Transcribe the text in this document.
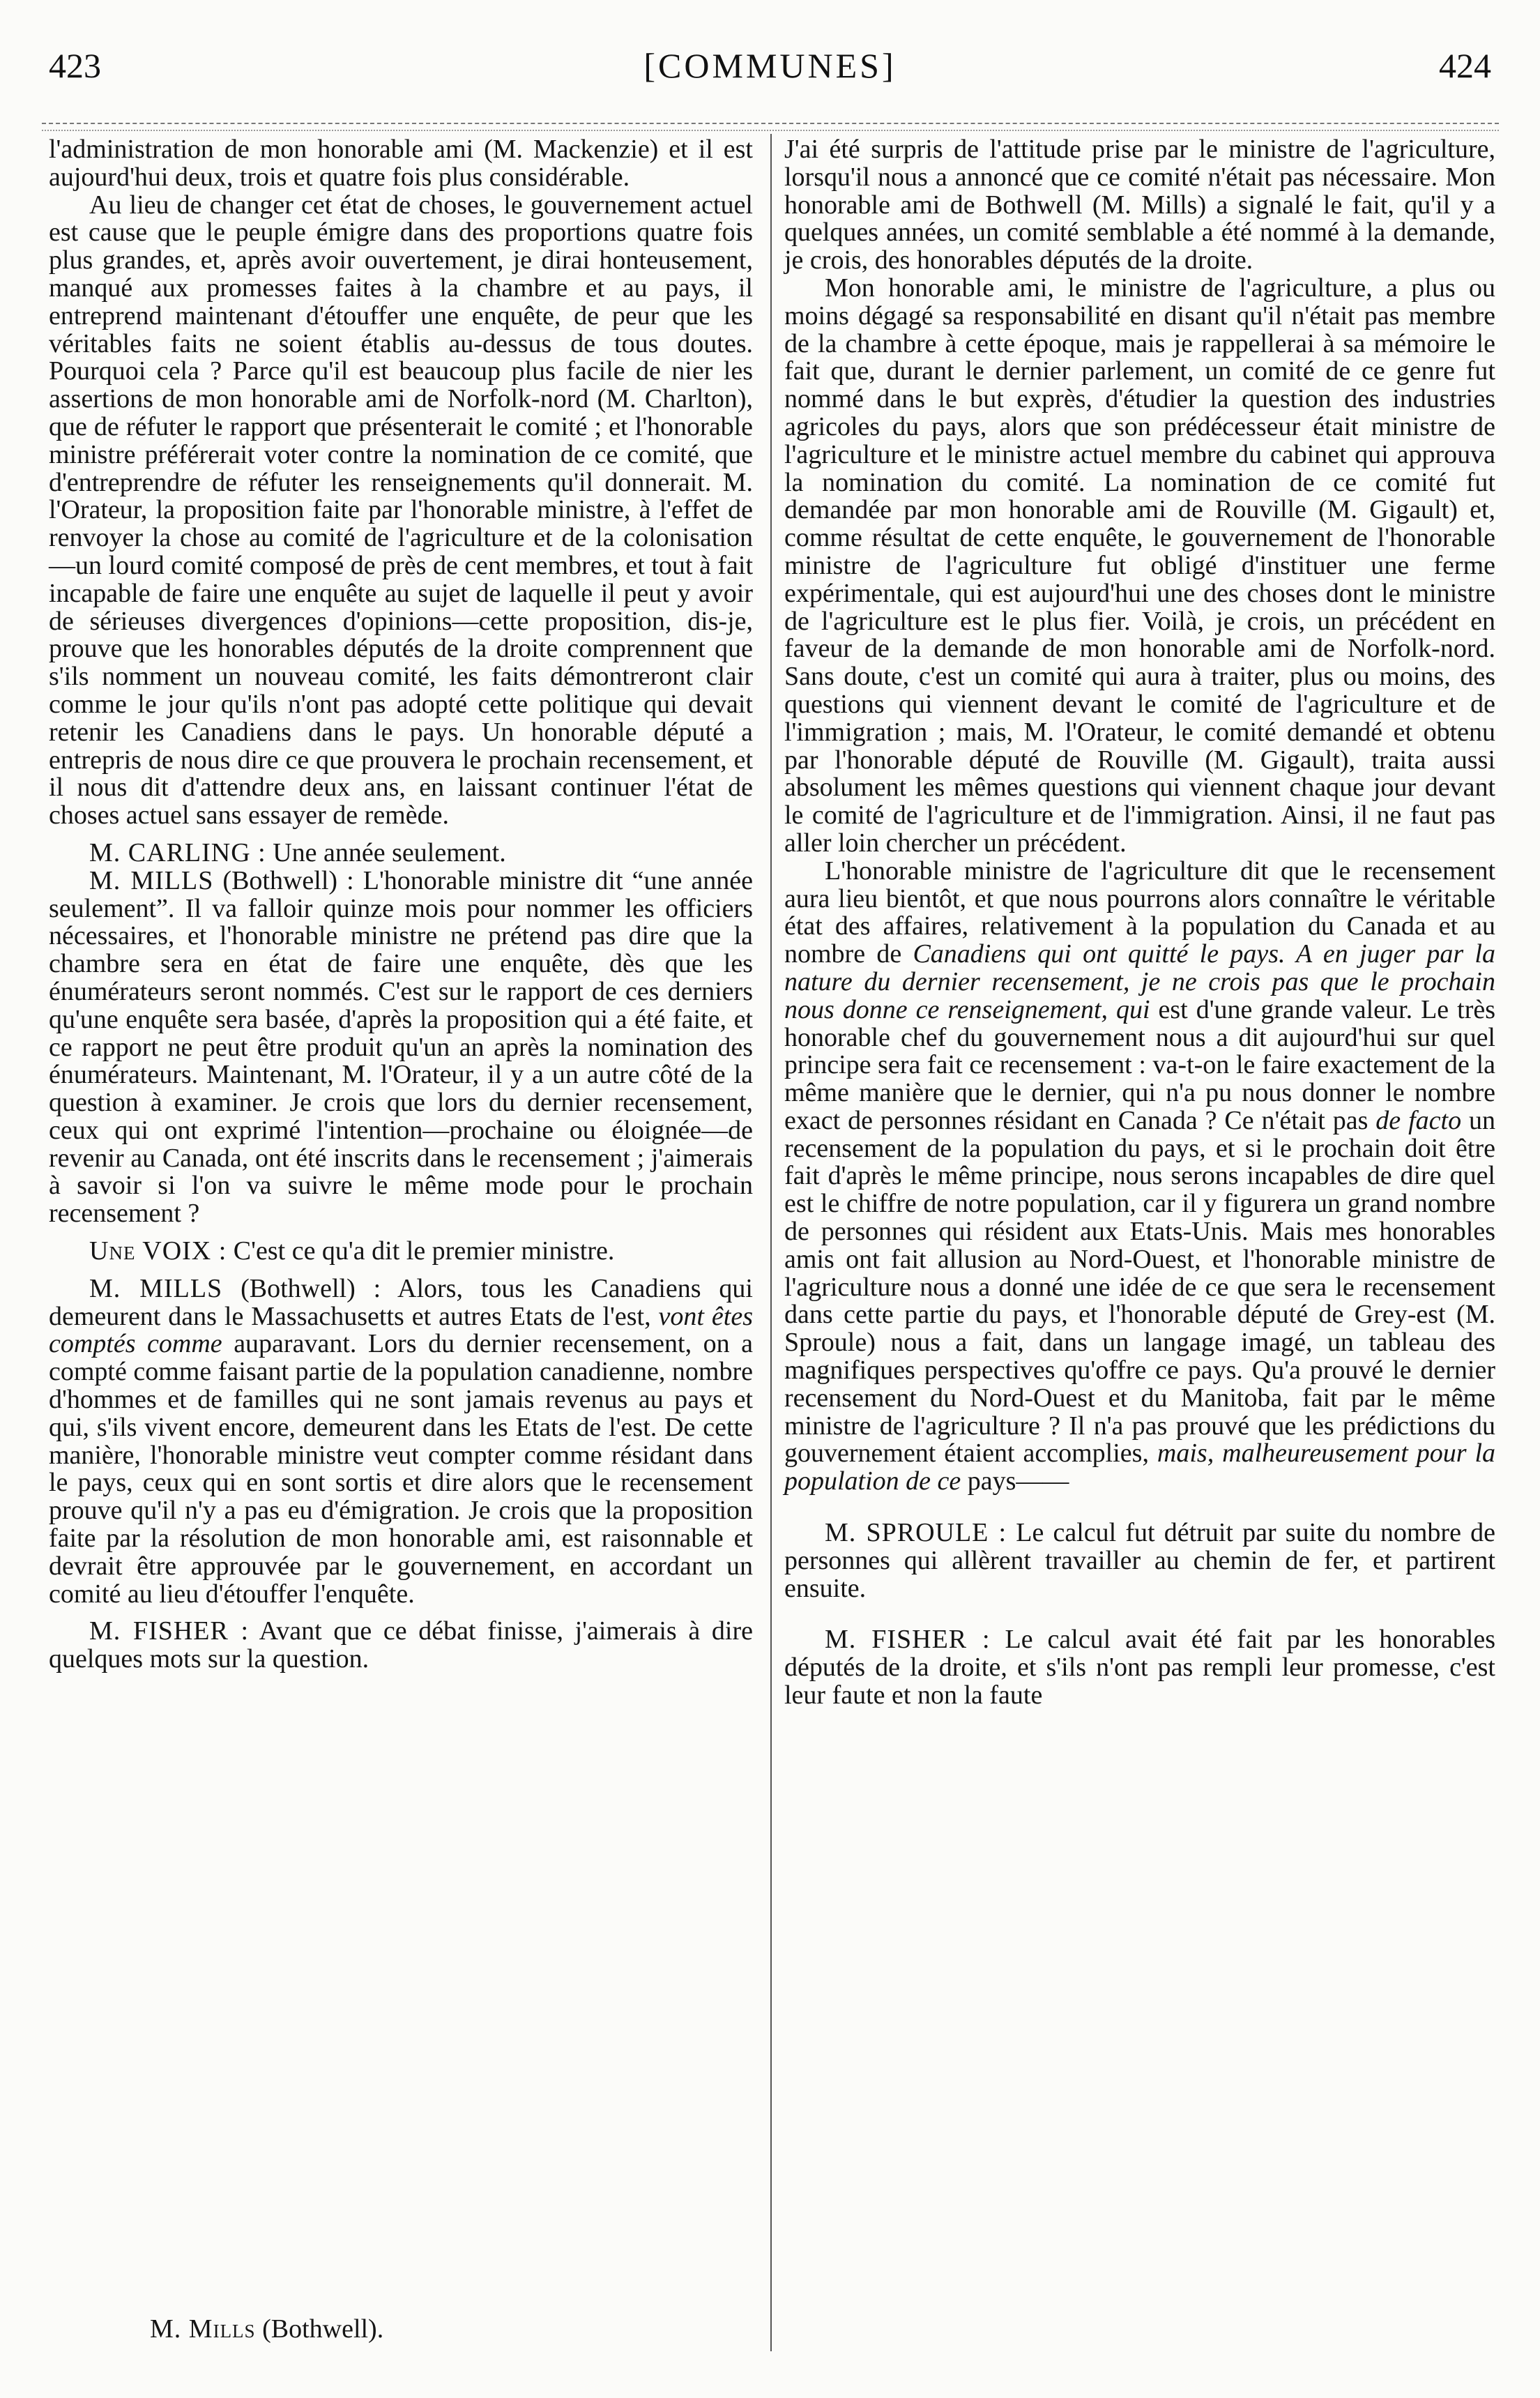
423	[COMMUNES]	424

l'administration de mon honorable ami (M. Mackenzie) et il est aujourd'hui deux, trois et quatre fois plus considérable.

Au lieu de changer cet état de choses, le gouvernement actuel est cause que le peuple émigre dans des proportions quatre fois plus grandes, et, après avoir ouvertement, je dirai honteusement, manqué aux promesses faites à la chambre et au pays, il entreprend maintenant d'étouffer une enquête, de peur que les véritables faits ne soient établis au-dessus de tous doutes. Pourquoi cela ? Parce qu'il est beaucoup plus facile de nier les assertions de mon honorable ami de Norfolk-nord (M. Charlton), que de réfuter le rapport que présenterait le comité ; et l'honorable ministre préférerait voter contre la nomination de ce comité, que d'entreprendre de réfuter les renseignements qu'il donnerait. M. l'Orateur, la proposition faite par l'honorable ministre, à l'effet de renvoyer la chose au comité de l'agriculture et de la colonisation—un lourd comité composé de près de cent membres, et tout à fait incapable de faire une enquête au sujet de laquelle il peut y avoir de sérieuses divergences d'opinions—cette proposition, dis-je, prouve que les honorables députés de la droite comprennent que s'ils nomment un nouveau comité, les faits démontreront clair comme le jour qu'ils n'ont pas adopté cette politique qui devait retenir les Canadiens dans le pays. Un honorable député a entrepris de nous dire ce que prouvera le prochain recensement, et il nous dit d'attendre deux ans, en laissant continuer l'état de choses actuel sans essayer de remède.

M. CARLING : Une année seulement.

M. MILLS (Bothwell) : L'honorable ministre dit “une année seulement”. Il va falloir quinze mois pour nommer les officiers nécessaires, et l'honorable ministre ne prétend pas dire que la chambre sera en état de faire une enquête, dès que les énumérateurs seront nommés. C'est sur le rapport de ces derniers qu'une enquête sera basée, d'après la proposition qui a été faite, et ce rapport ne peut être produit qu'un an après la nomination des énumérateurs. Maintenant, M. l'Orateur, il y a un autre côté de la question à examiner. Je crois que lors du dernier recensement, ceux qui ont exprimé l'intention—prochaine ou éloignée—de revenir au Canada, ont été inscrits dans le recensement ; j'aimerais à savoir si l'on va suivre le même mode pour le prochain recensement ?

Une VOIX : C'est ce qu'a dit le premier ministre.

M. MILLS (Bothwell) : Alors, tous les Canadiens qui demeurent dans le Massachusetts et autres Etats de l'est, vont êtes comptés comme auparavant. Lors du dernier recensement, on a compté comme faisant partie de la population canadienne, nombre d'hommes et de familles qui ne sont jamais revenus au pays et qui, s'ils vivent encore, demeurent dans les Etats de l'est. De cette manière, l'honorable ministre veut compter comme résidant dans le pays, ceux qui en sont sortis et dire alors que le recensement prouve qu'il n'y a pas eu d'émigration. Je crois que la proposition faite par la résolution de mon honorable ami, est raisonnable et devrait être approuvée par le gouvernement, en accordant un comité au lieu d'étouffer l'enquête.

M. FISHER : Avant que ce débat finisse, j'aimerais à dire quelques mots sur la question.

M. Mills (Bothwell).

J'ai été surpris de l'attitude prise par le ministre de l'agriculture, lorsqu'il nous a annoncé que ce comité n'était pas nécessaire. Mon honorable ami de Bothwell (M. Mills) a signalé le fait, qu'il y a quelques années, un comité semblable a été nommé à la demande, je crois, des honorables députés de la droite.

Mon honorable ami, le ministre de l'agriculture, a plus ou moins dégagé sa responsabilité en disant qu'il n'était pas membre de la chambre à cette époque, mais je rappellerai à sa mémoire le fait que, durant le dernier parlement, un comité de ce genre fut nommé dans le but exprès, d'étudier la question des industries agricoles du pays, alors que son prédécesseur était ministre de l'agriculture et le ministre actuel membre du cabinet qui approuva la nomination du comité. La nomination de ce comité fut demandée par mon honorable ami de Rouville (M. Gigault) et, comme résultat de cette enquête, le gouvernement de l'honorable ministre de l'agriculture fut obligé d'instituer une ferme expérimentale, qui est aujourd'hui une des choses dont le ministre de l'agriculture est le plus fier. Voilà, je crois, un précédent en faveur de la demande de mon honorable ami de Norfolk-nord. Sans doute, c'est un comité qui aura à traiter, plus ou moins, des questions qui viennent devant le comité de l'agriculture et de l'immigration ; mais, M. l'Orateur, le comité demandé et obtenu par l'honorable député de Rouville (M. Gigault), traita aussi absolument les mêmes questions qui viennent chaque jour devant le comité de l'agriculture et de l'immigration. Ainsi, il ne faut pas aller loin chercher un précédent.

L'honorable ministre de l'agriculture dit que le recensement aura lieu bientôt, et que nous pourrons alors connaître le véritable état des affaires, relativement à la population du Canada et au nombre de Canadiens qui ont quitté le pays. A en juger par la nature du dernier recensement, je ne crois pas que le prochain nous donne ce renseignement, qui est d'une grande valeur. Le très honorable chef du gouvernement nous a dit aujourd'hui sur quel principe sera fait ce recensement : va-t-on le faire exactement de la même manière que le dernier, qui n'a pu nous donner le nombre exact de personnes résidant en Canada ? Ce n'était pas de facto un recensement de la population du pays, et si le prochain doit être fait d'après le même principe, nous serons incapables de dire quel est le chiffre de notre population, car il y figurera un grand nombre de personnes qui résident aux Etats-Unis. Mais mes honorables amis ont fait allusion au Nord-Ouest, et l'honorable ministre de l'agriculture nous a donné une idée de ce que sera le recensement dans cette partie du pays, et l'honorable député de Grey-est (M. Sproule) nous a fait, dans un langage imagé, un tableau des magnifiques perspectives qu'offre ce pays. Qu'a prouvé le dernier recensement du Nord-Ouest et du Manitoba, fait par le même ministre de l'agriculture ? Il n'a pas prouvé que les prédictions du gouvernement étaient accomplies, mais, malheureusement pour la population de ce pays——

M. SPROULE : Le calcul fut détruit par suite du nombre de personnes qui allèrent travailler au chemin de fer, et partirent ensuite.

M. FISHER : Le calcul avait été fait par les honorables députés de la droite, et s'ils n'ont pas rempli leur promesse, c'est leur faute et non la faute
